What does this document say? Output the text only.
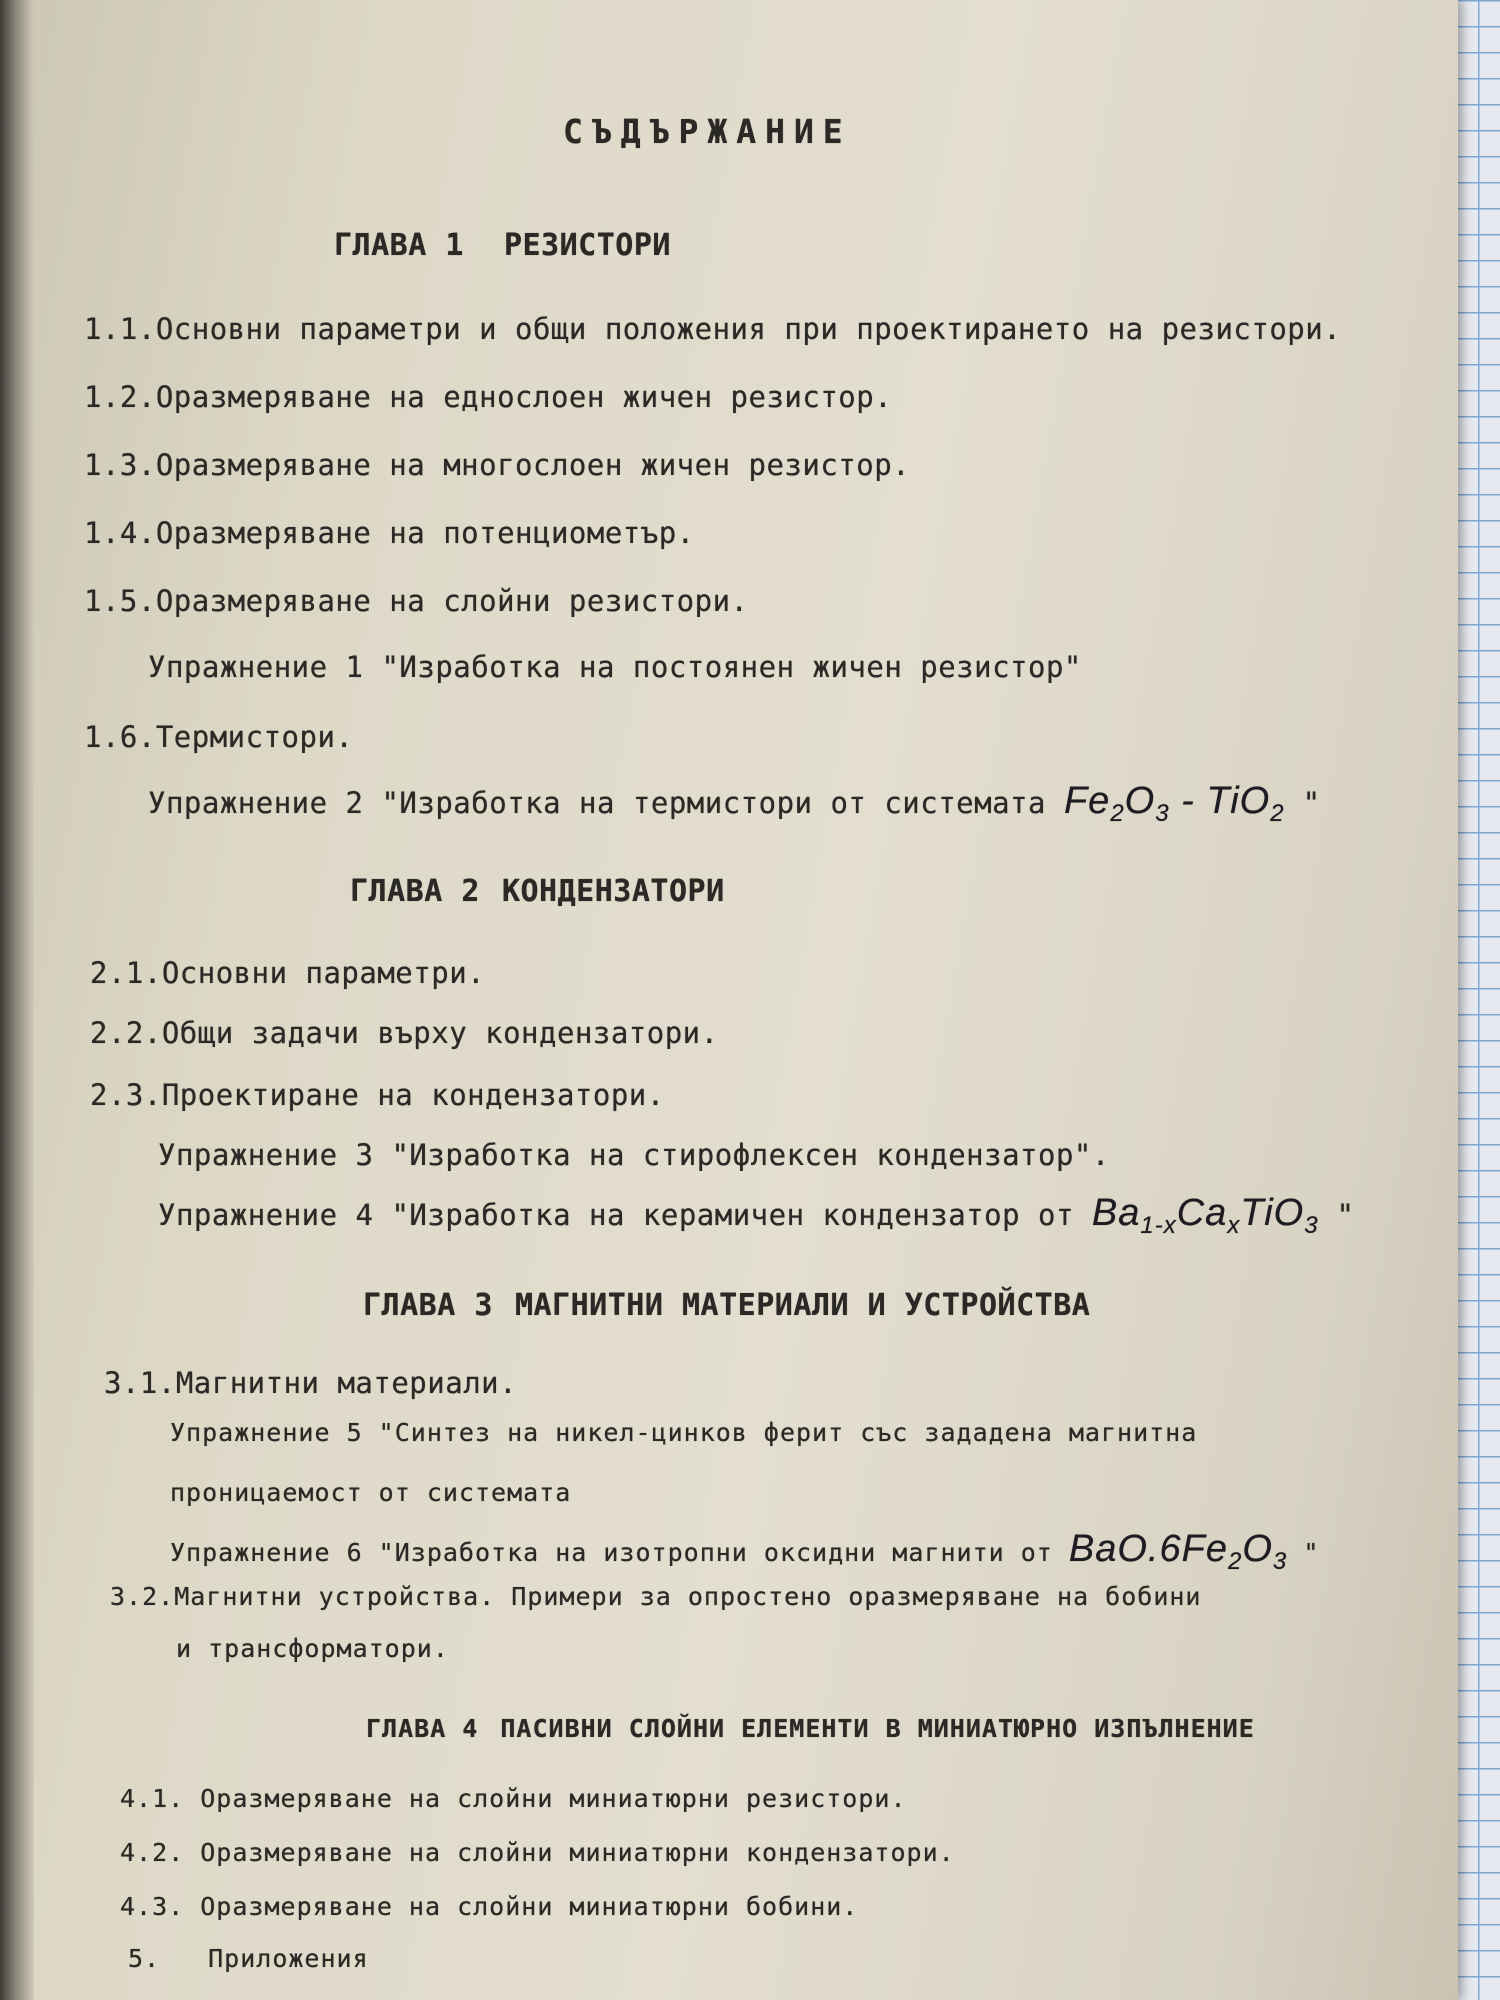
СЪДЪРЖАНИЕ
ГЛАВА 1 РЕЗИСТОРИ
1.1.Основни параметри и общи положения при проектирането на резистори.
1.2.Оразмеряване на еднослоен жичен резистор.
1.3.Оразмеряване на многослоен жичен резистор.
1.4.Оразмеряване на потенциометър.
1.5.Оразмеряване на слойни резистори.
Упражнение 1 "Изработка на постоянен жичен резистор"
1.6.Термистори.
Упражнение 2 "Изработка на термистори от системата $Fe_2O_3 - TiO_2$ "
ГЛАВА 2 КОНДЕНЗАТОРИ
2.1.Основни параметри.
2.2.Общи задачи върху кондензатори.
2.3.Проектиране на кондензатори.
Упражнение 3 "Изработка на стирофлексен кондензатор".
Упражнение 4 "Изработка на керамичен кондензатор от $Ba_{1-x}Ca_xTiO_3$ "
ГЛАВА 3 МАГНИТНИ МАТЕРИАЛИ И УСТРОЙСТВА
3.1.Магнитни материали.
Упражнение 5 "Синтез на никел-цинков ферит със зададена магнитна
проницаемост от системата
Упражнение 6 "Изработка на изотропни оксидни магнити от $BaO.6Fe_2O_3$ "
3.2.Магнитни устройства. Примери за опростено оразмеряване на бобини
и трансформатори.
ГЛАВА 4 ПАСИВНИ СЛОЙНИ ЕЛЕМЕНТИ В МИНИАТЮРНО ИЗПЪЛНЕНИЕ
4.1. Оразмеряване на слойни миниатюрни резистори.
4.2. Оразмеряване на слойни миниатюрни кондензатори.
4.3. Оразмеряване на слойни миниатюрни бобини.
5. Приложения
